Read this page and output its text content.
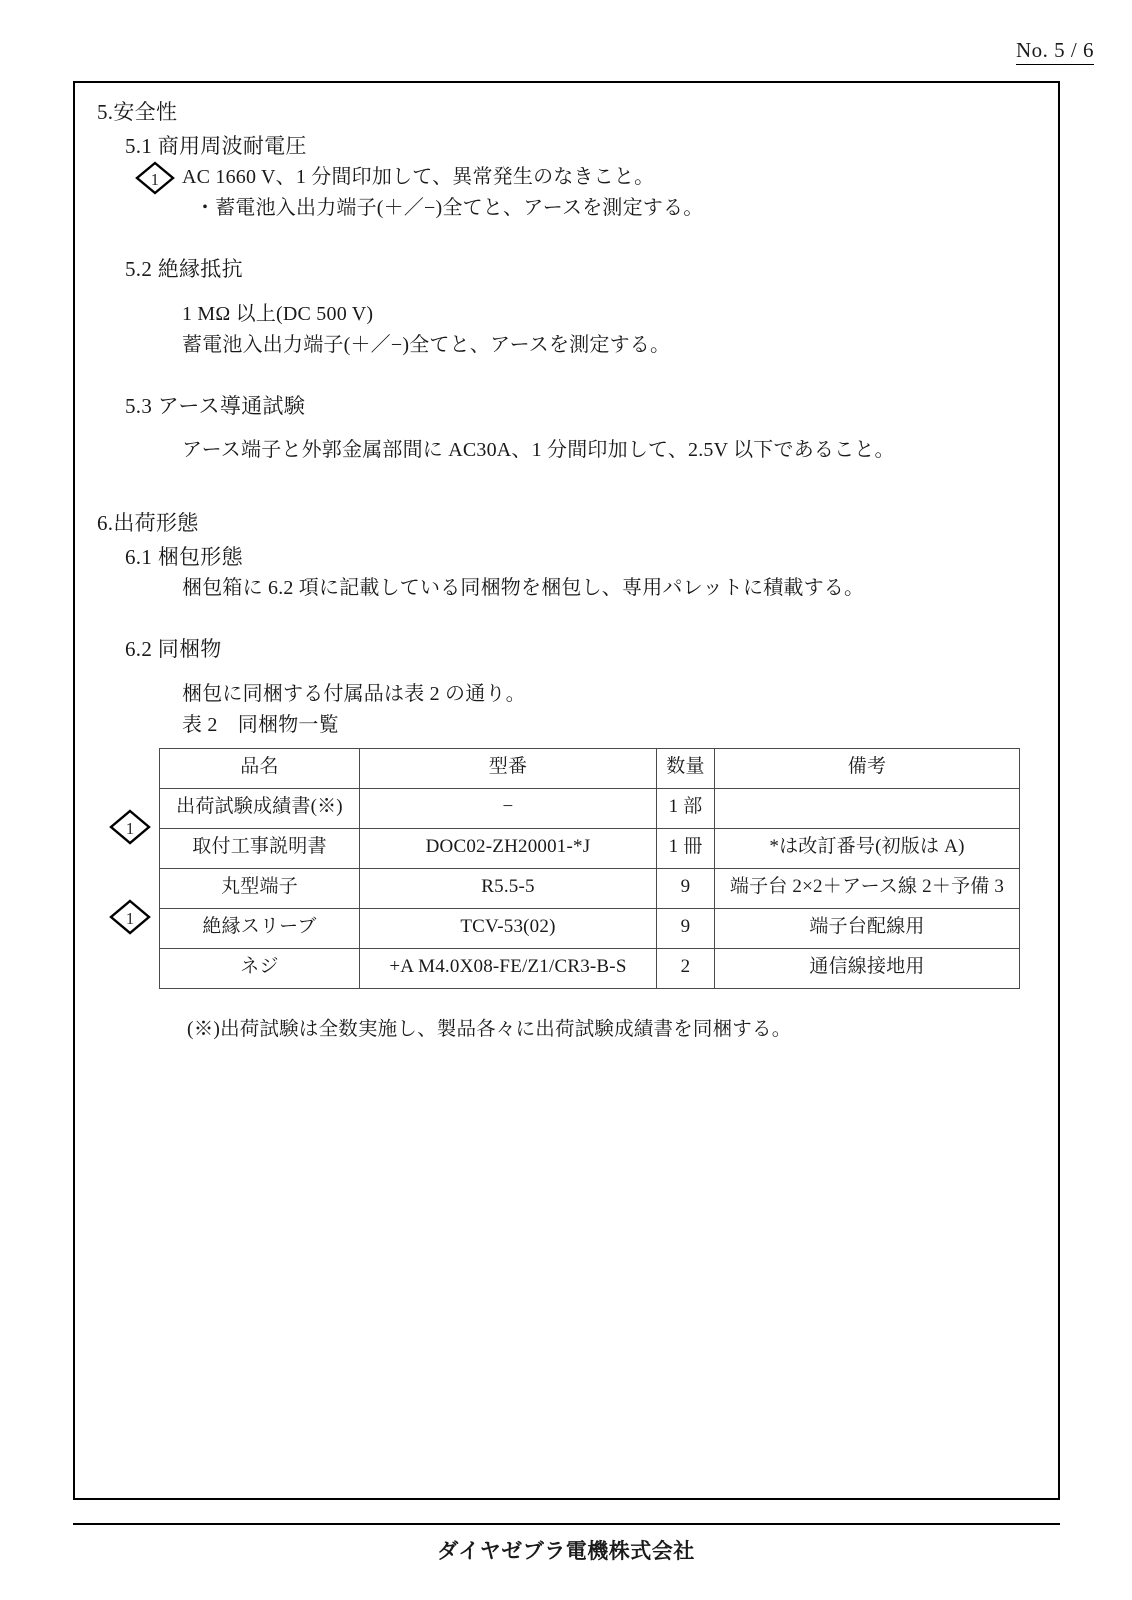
No. 5 / 6
5.安全性
5.1 商用周波耐電圧
1 AC 1660 V、1 分間印加して、異常発生のなきこと。
・蓄電池入出力端子(＋／−)全てと、アースを測定する。
5.2 絶縁抵抗
1 MΩ 以上(DC 500 V)
蓄電池入出力端子(＋／−)全てと、アースを測定する。
5.3 アース導通試験
アース端子と外郭金属部間に AC30A、1 分間印加して、2.5V 以下であること。
6.出荷形態
6.1 梱包形態
梱包箱に 6.2 項に記載している同梱物を梱包し、専用パレットに積載する。
6.2 同梱物
梱包に同梱する付属品は表 2 の通り。
表 2　同梱物一覧
1
1
品名	型番	数量	備考
出荷試験成績書(※)	−	1 部	
取付工事説明書	DOC02-ZH20001-*J	1 冊	*は改訂番号(初版は A)
丸型端子	R5.5-5	9	端子台 2×2＋アース線 2＋予備 3
絶縁スリーブ	TCV-53(02)	9	端子台配線用
ネジ	+A M4.0X08-FE/Z1/CR3-B-S	2	通信線接地用
(※)出荷試験は全数実施し、製品各々に出荷試験成績書を同梱する。
ダイヤゼブラ電機株式会社
